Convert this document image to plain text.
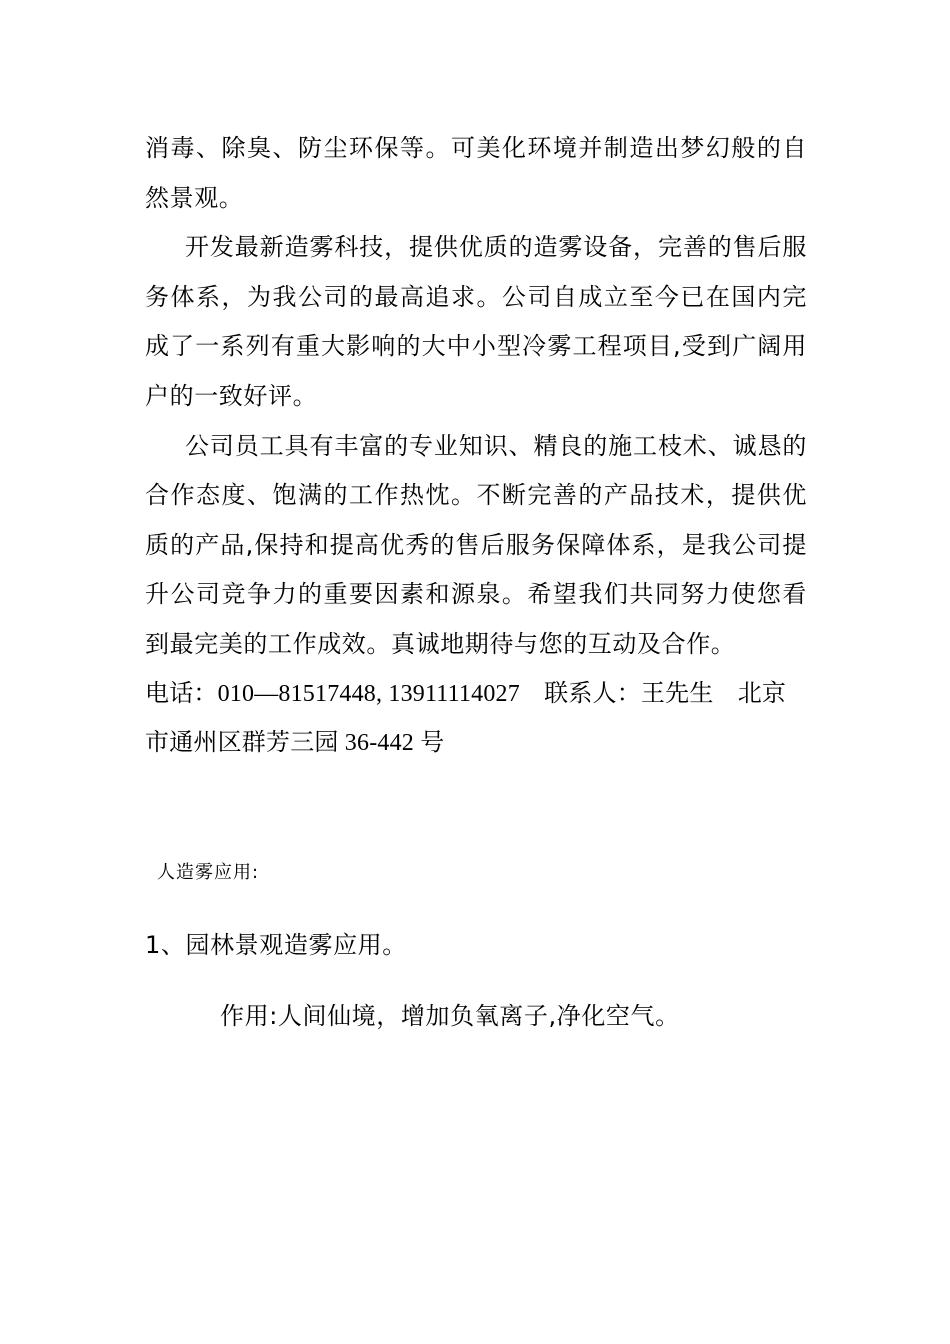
消毒、除臭、防尘环保等。可美化环境并制造出梦幻般的自然景观。

开发最新造雾科技，提供优质的造雾设备，完善的售后服务体系，为我公司的最高追求。公司自成立至今已在国内完成了一系列有重大影响的大中小型冷雾工程项目,受到广阔用户的一致好评。

公司员工具有丰富的专业知识、精良的施工枝术、诚恳的合作态度、饱满的工作热忱。不断完善的产品技术，提供优质的产品,保持和提高优秀的售后服务保障体系，是我公司提升公司竞争力的重要因素和源泉。希望我们共同努力使您看到最完美的工作成效。真诚地期待与您的互动及合作。

电话：010—81517448, 13911114027　联系人：王先生　北京市通州区群芳三园 36-442 号

人造雾应用:
1、园林景观造雾应用。
作用:人间仙境，增加负氧离子,净化空气。
